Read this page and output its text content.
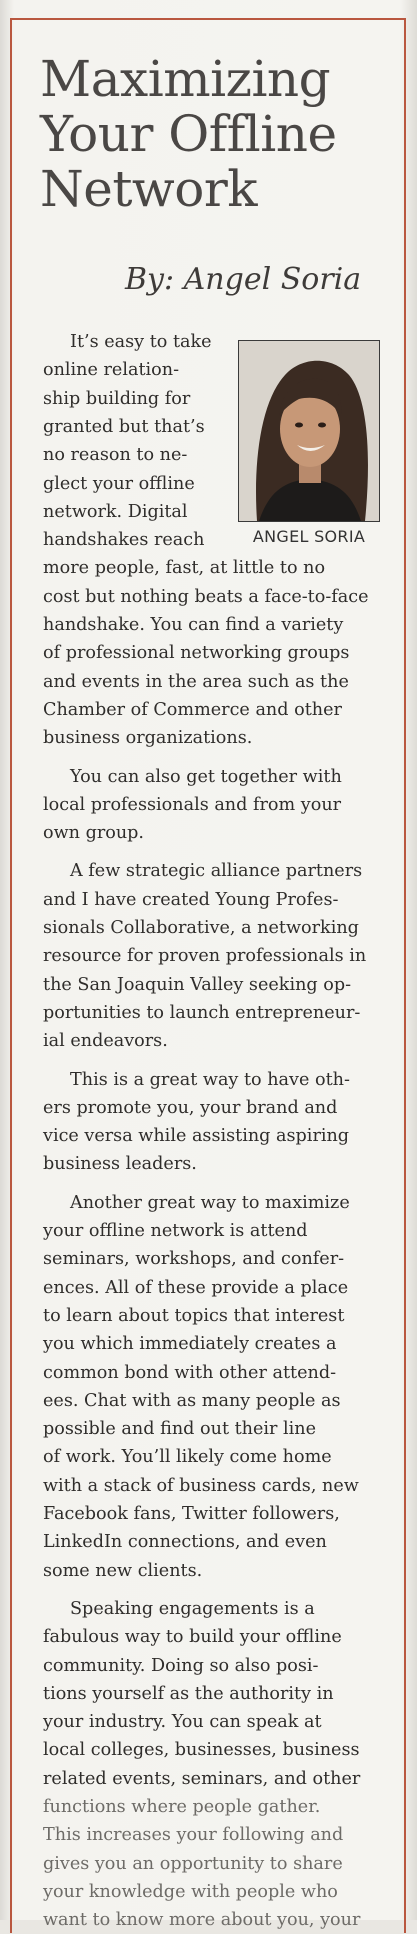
Maximizing
Your Offline
Network
By: Angel Soria
ANGEL SORIA
It’s easy to take
online relation-
ship building for
granted but that’s
no reason to ne-
glect your offline
network. Digital
handshakes reach
more people, fast, at little to no
cost but nothing beats a face-to-face
handshake. You can find a variety
of professional networking groups
and events in the area such as the
Chamber of Commerce and other
business organizations.
You can also get together with
local professionals and from your
own group.
A few strategic alliance partners
and I have created Young Profes-
sionals Collaborative, a networking
resource for proven professionals in
the San Joaquin Valley seeking op-
portunities to launch entrepreneur-
ial endeavors.
This is a great way to have oth-
ers promote you, your brand and
vice versa while assisting aspiring
business leaders.
Another great way to maximize
your offline network is attend
seminars, workshops, and confer-
ences. All of these provide a place
to learn about topics that interest
you which immediately creates a
common bond with other attend-
ees. Chat with as many people as
possible and find out their line
of work. You’ll likely come home
with a stack of business cards, new
Facebook fans, Twitter followers,
LinkedIn connections, and even
some new clients.
Speaking engagements is a
fabulous way to build your offline
community. Doing so also posi-
tions yourself as the authority in
your industry. You can speak at
local colleges, businesses, business
related events, seminars, and other
functions where people gather.
This increases your following and
gives you an opportunity to share
your knowledge with people who
want to know more about you, your
